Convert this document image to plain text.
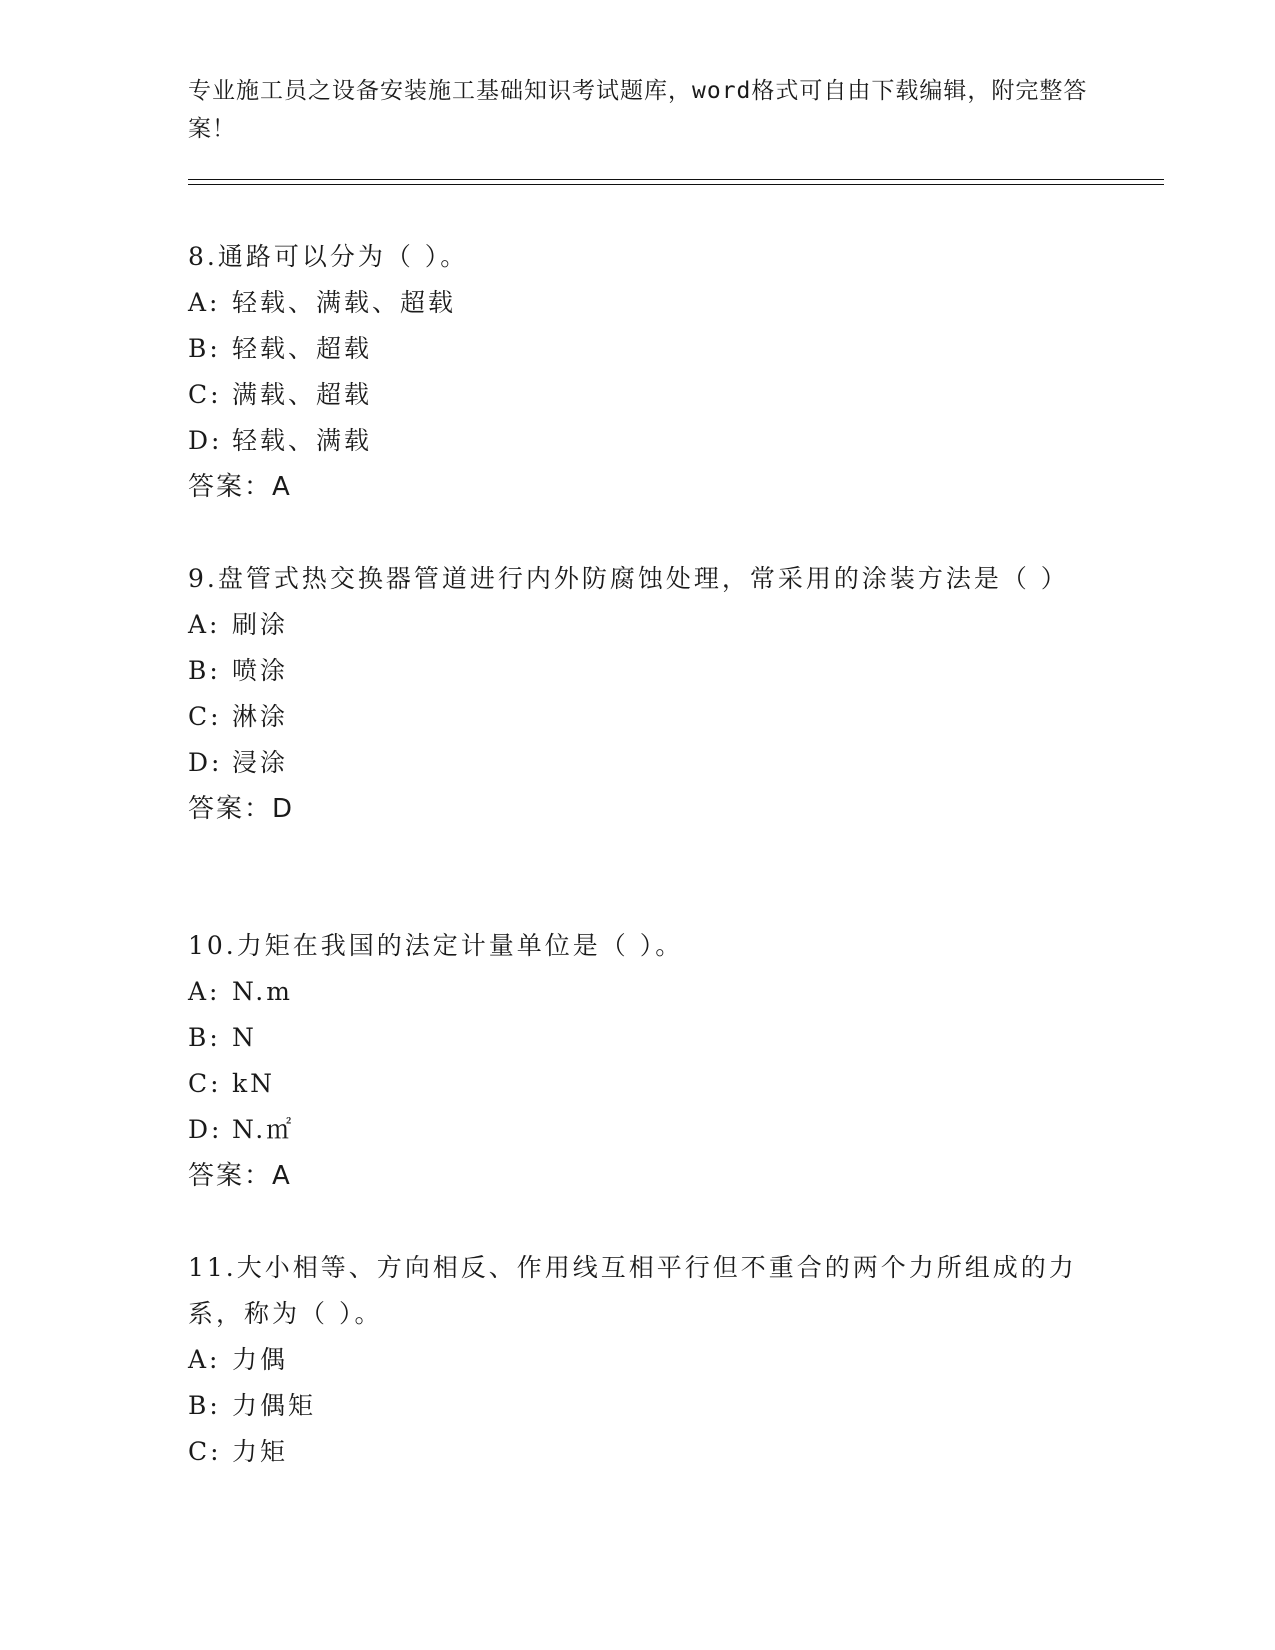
专业施工员之设备安装施工基础知识考试题库，word格式可自由下载编辑，附完整答案！
8.通路可以分为（ ）。
A: 轻载、满载、超载
B: 轻载、超载
C: 满载、超载
D: 轻载、满载
答案：A
9.盘管式热交换器管道进行内外防腐蚀处理，常采用的涂装方法是（ ）
A: 刷涂
B: 喷涂
C: 淋涂
D: 浸涂
答案：D
10.力矩在我国的法定计量单位是（ ）。
A: N.m
B: N
C: kN
D: N.㎡
答案：A
11.大小相等、方向相反、作用线互相平行但不重合的两个力所组成的力系，称为（ ）。
A: 力偶
B: 力偶矩
C: 力矩
